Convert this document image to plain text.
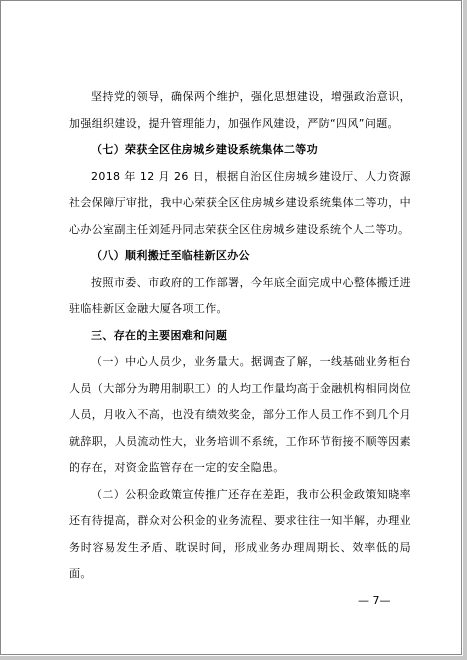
坚持党的领导，确保两个维护，强化思想建设，增强政治意识，加强组织建设，提升管理能力，加强作风建设，严防“四风”问题。

（七）荣获全区住房城乡建设系统集体二等功

2018 年 12 月 26 日，根据自治区住房城乡建设厅、人力资源社会保障厅审批，我中心荣获全区住房城乡建设系统集体二等功，中心办公室副主任刘延丹同志荣获全区住房城乡建设系统个人二等功。

（八）顺利搬迁至临桂新区办公

按照市委、市政府的工作部署，今年底全面完成中心整体搬迁进驻临桂新区金融大厦各项工作。

三、存在的主要困难和问题

（一）中心人员少，业务量大。据调查了解，一线基础业务柜台人员（大部分为聘用制职工）的人均工作量均高于金融机构相同岗位人员，月收入不高，也没有绩效奖金，部分工作人员工作不到几个月就辞职，人员流动性大，业务培训不系统，工作环节衔接不顺等因素的存在，对资金监管存在一定的安全隐患。

（二）公积金政策宣传推广还存在差距，我市公积金政策知晓率还有待提高，群众对公积金的业务流程、要求往往一知半解，办理业务时容易发生矛盾、耽误时间，形成业务办理周期长、效率低的局面。

— 7—
